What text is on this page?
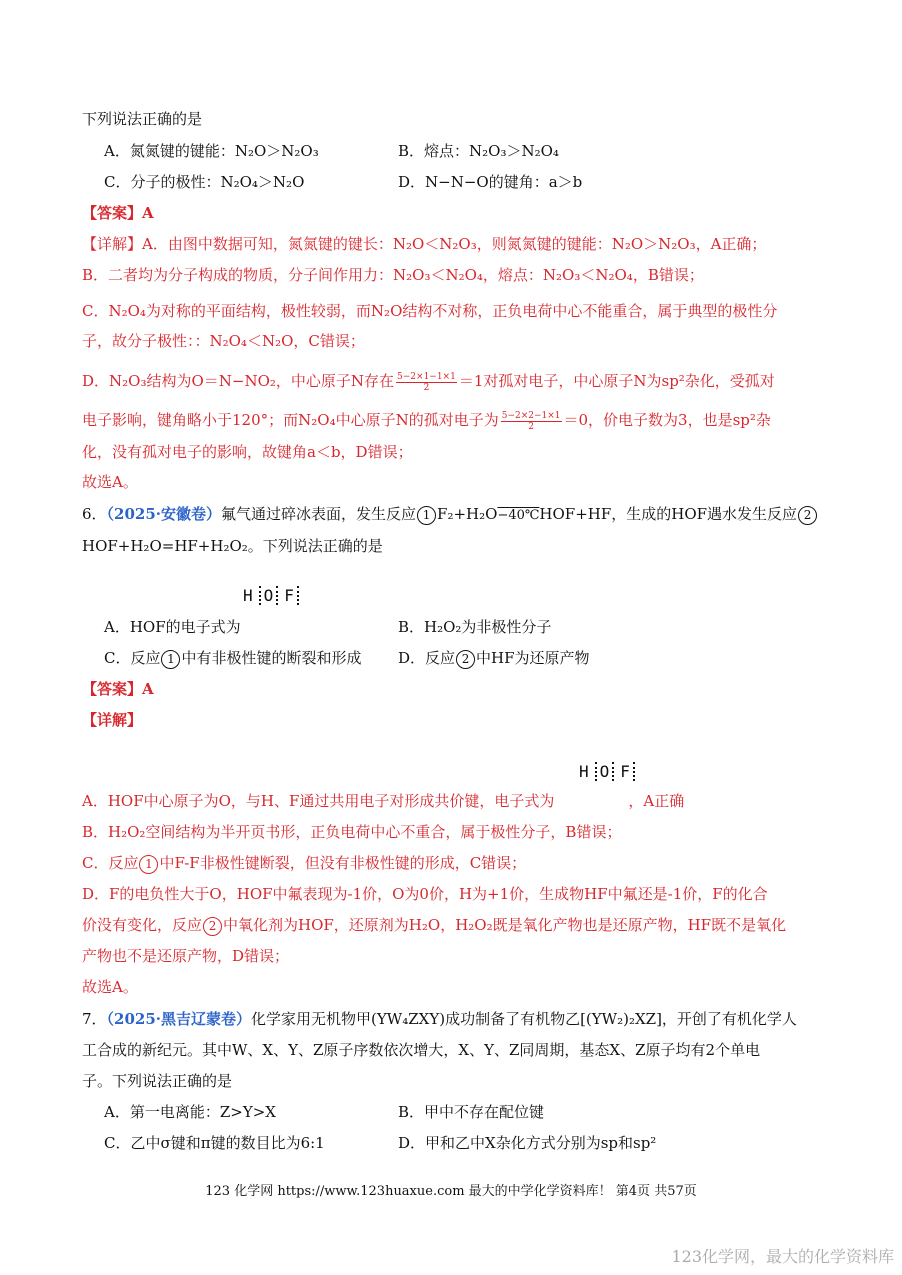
下列说法正确的是
A．氮氮键的键能：N₂O＞N₂O₃	B．熔点：N₂O₃＞N₂O₄
C．分子的极性：N₂O₄＞N₂O	D．N−N−O的键角：a＞b
【答案】A
【详解】A．由图中数据可知，氮氮键的键长：N₂O＜N₂O₃，则氮氮键的键能：N₂O＞N₂O₃，A正确；
B．二者均为分子构成的物质，分子间作用力：N₂O₃＜N₂O₄，熔点：N₂O₃＜N₂O₄，B错误；
C．N₂O₄为对称的平面结构，极性较弱，而N₂O结构不对称，正负电荷中心不能重合，属于典型的极性分
子，故分子极性：：N₂O₄＜N₂O，C错误；
D．N₂O₃结构为O＝N−NO₂，中心原子N存在 $\frac{5-2\times 1-1\times 1}{2} =1$对孤对电子，中心原子N为sp²杂化，受孤对
电子影响，键角略小于120°；而N₂O₄中心原子N的孤对电子为 $\frac{5-2\times 2-1\times 1}{2} =0$，价电子数为3，也是sp²杂
化，没有孤对电子的影响，故键角a＜b，D错误；
故选A。
6．（2025·安徽卷）氟气通过碎冰表面，发生反应 1 F₂+H₂O−40℃HOF+HF，生成的HOF遇水发生反应 2
HOF+H₂O=HF+H₂O₂。下列说法正确的是
H O F
A．HOF的电子式为	B．H₂O₂为非极性分子
C．反应 1 中有非极性键的断裂和形成 D．反应 2 中HF为还原产物
【答案】A
【详解】
H O F
A．HOF中心原子为O，与H、F通过共用电子对形成共价键，电子式为	，A正确
B．H₂O₂空间结构为半开页书形，正负电荷中心不重合，属于极性分子，B错误；
C．反应 1 中F-F非极性键断裂，但没有非极性键的形成，C错误；
D．F的电负性大于O，HOF中氟表现为-1价，O为0价，H为+1价，生成物HF中氟还是-1价，F的化合
价没有变化，反应 2 中氧化剂为HOF，还原剂为H₂O，H₂O₂既是氧化产物也是还原产物，HF既不是氧化
产物也不是还原产物，D错误；
故选A。
7．（2025·黑吉辽蒙卷）化学家用无机物甲(YW₄ZXY)成功制备了有机物乙[(YW₂)₂XZ]，开创了有机化学人
工合成的新纪元。其中W、X、Y、Z原子序数依次增大，X、Y、Z同周期，基态X、Z原子均有2个单电
子。下列说法正确的是
A．第一电离能：Z>Y>X	B．甲中不存在配位键
C．乙中σ键和π键的数目比为6:1	D．甲和乙中X杂化方式分别为sp和sp²
123 化学网 https://www.123huaxue.com 最大的中学化学资料库！ 第4页 共57页
123化学网，最大的化学资料库
